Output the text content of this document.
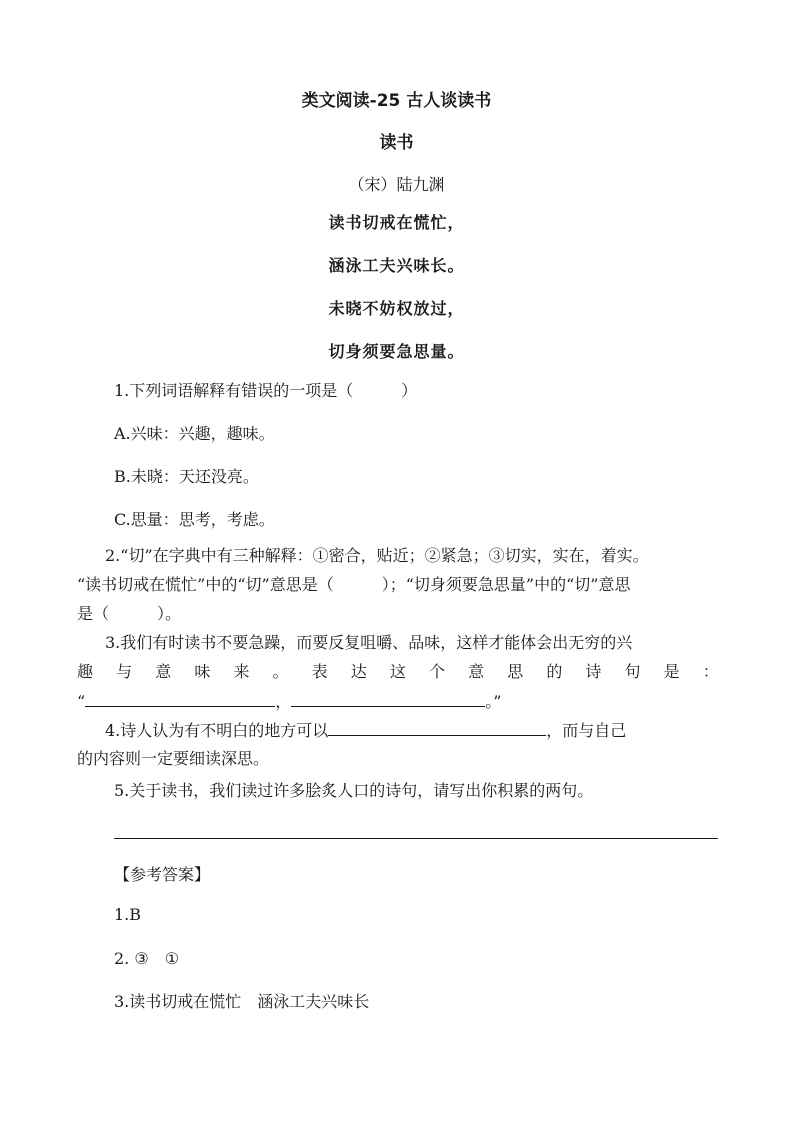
类文阅读-25 古人谈读书
读书
（宋）陆九渊
读书切戒在慌忙，
涵泳工夫兴味长。
未晓不妨权放过，
切身须要急思量。
1.下列词语解释有错误的一项是（　　　）
A.兴味：兴趣，趣味。
B.未晓：天还没亮。
C.思量：思考，考虑。
2.“切”在字典中有三种解释：①密合，贴近；②紧急；③切实，实在，着实。
“读书切戒在慌忙”中的“切”意思是（　　　）；“切身须要急思量”中的“切”意思
是（　　　）。
3.我们有时读书不要急躁，而要反复咀嚼、品味，这样才能体会出无穷的兴
趣 与 意 味 来 。 表 达 这 个 意 思 的 诗 句 是 ：
“	，	。”
4.诗人认为有不明白的地方可以	，而与自己
的内容则一定要细读深思。
5.关于读书，我们读过许多脍炙人口的诗句，请写出你积累的两句。
【参考答案】
1.B
2. ③　①
3.读书切戒在慌忙　涵泳工夫兴味长
